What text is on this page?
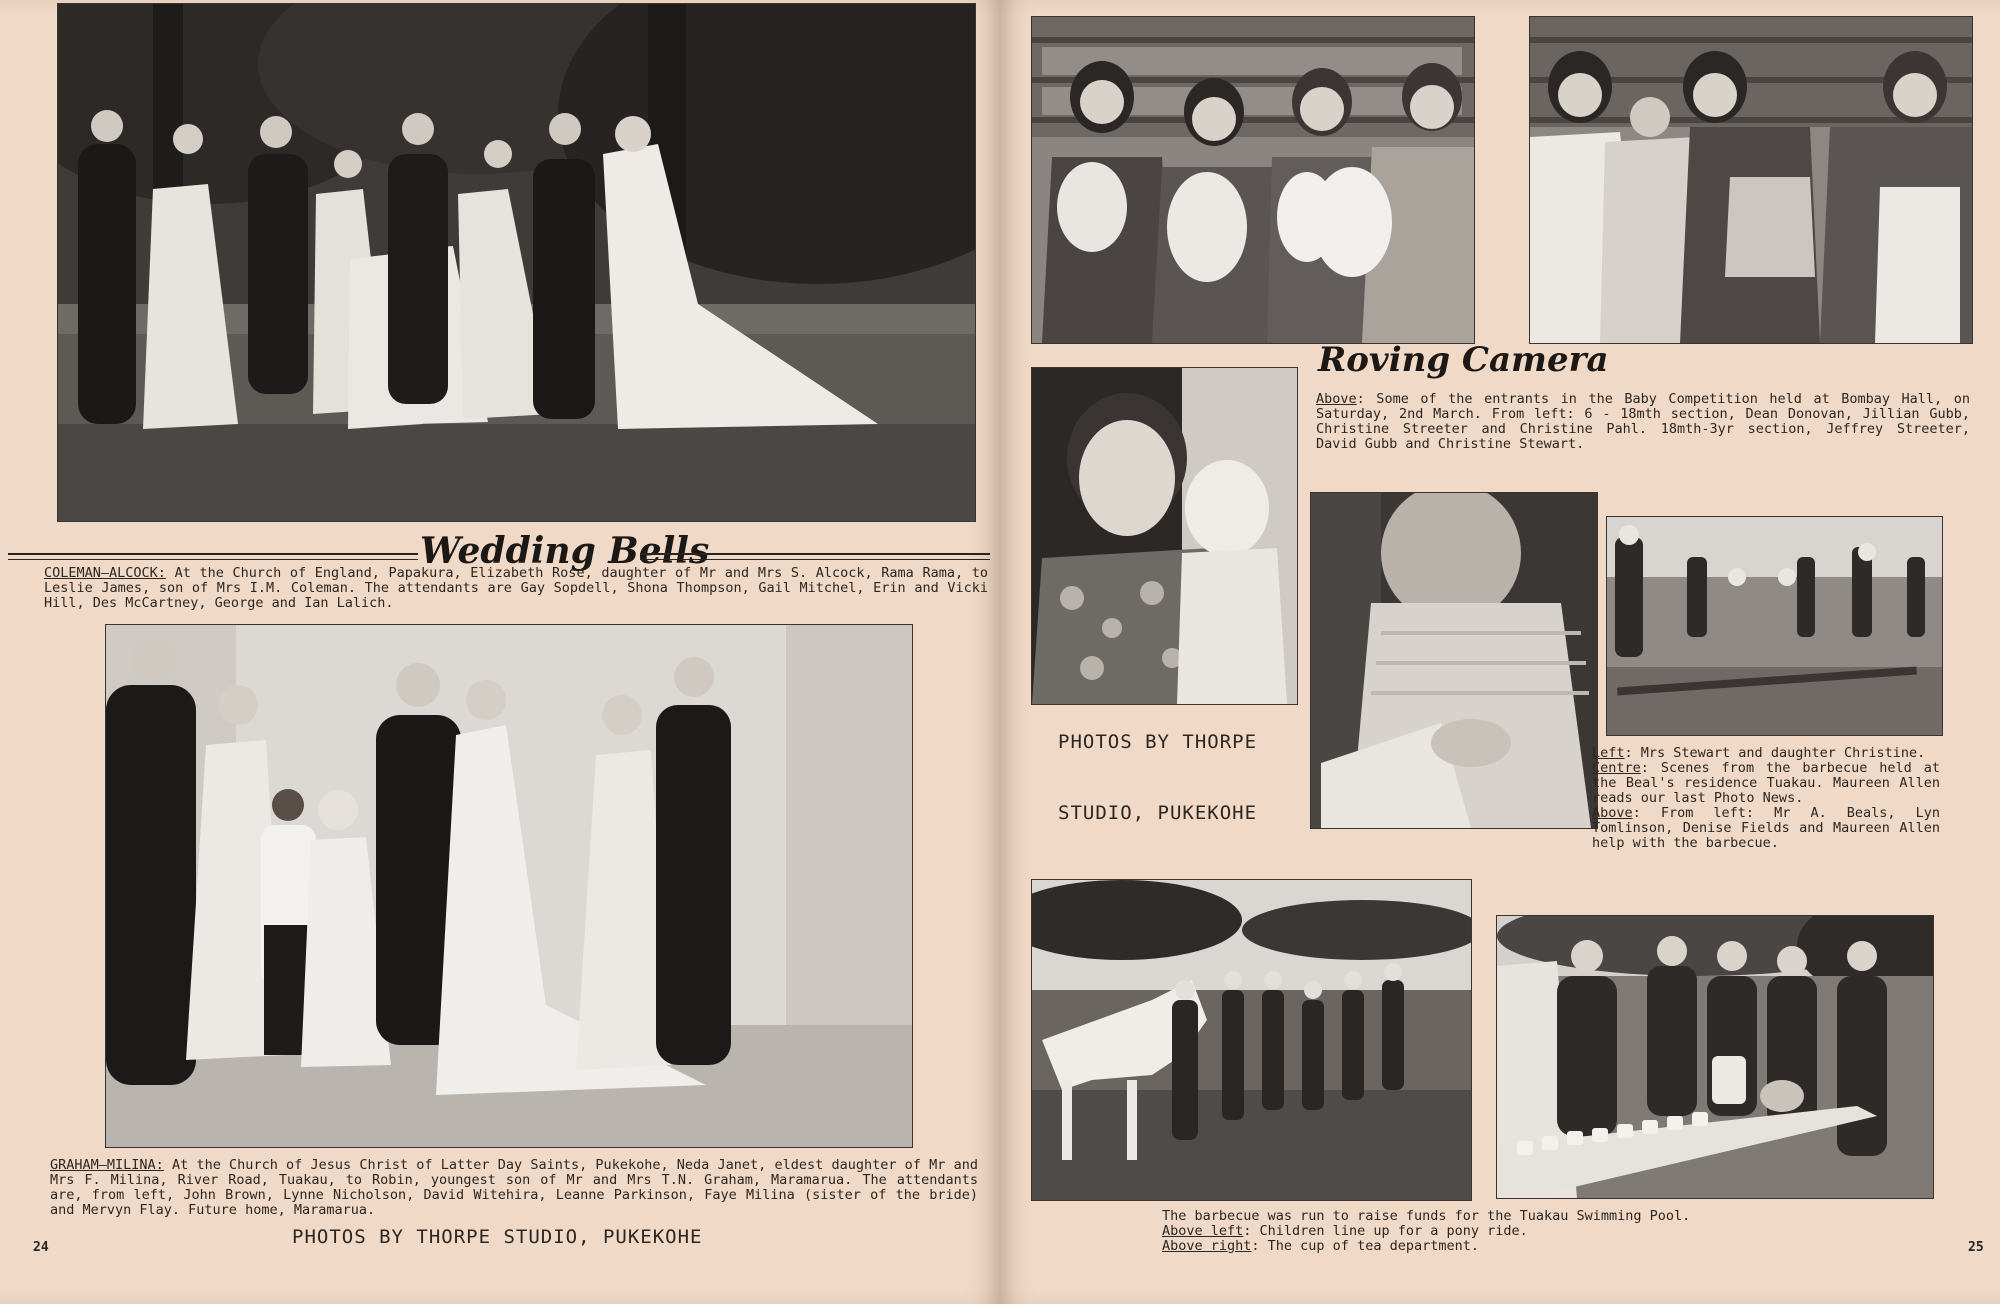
Wedding Bells
COLEMAN—ALCOCK: At the Church of England, Papakura, Elizabeth Rose, daughter of Mr and Mrs S. Alcock, Rama Rama, to Leslie James, son of Mrs I.M. Coleman. The attendants are Gay Sopdell, Shona Thompson, Gail Mitchel, Erin and Vicki Hill, Des McCartney, George and Ian Lalich.
GRAHAM—MILINA: At the Church of Jesus Christ of Latter Day Saints, Pukekohe, Neda Janet, eldest daughter of Mr and Mrs F. Milina, River Road, Tuakau, to Robin, youngest son of Mr and Mrs T.N. Graham, Maramarua. The attendants are, from left, John Brown, Lynne Nicholson, David Witehira, Leanne Parkinson, Faye Milina (sister of the bride) and Mervyn Flay. Future home, Maramarua.
PHOTOS BY THORPE STUDIO, PUKEKOHE
24
Roving Camera
Above: Some of the entrants in the Baby Competition held at Bombay Hall, on Saturday, 2nd March. From left: 6 - 18mth section, Dean Donovan, Jillian Gubb, Christine Streeter and Christine Pahl. 18mth-3yr section, Jeffrey Streeter, David Gubb and Christine Stewart.
PHOTOS BY THORPE
STUDIO, PUKEKOHE
Left: Mrs Stewart and daughter Christine.
Centre: Scenes from the barbecue held at the Beal's residence Tuakau. Maureen Allen reads our last Photo News.
Above: From left: Mr A. Beals, Lyn Tomlinson, Denise Fields and Maureen Allen help with the barbecue.
The barbecue was run to raise funds for the Tuakau Swimming Pool.
Above left: Children line up for a pony ride.
Above right: The cup of tea department.	25
